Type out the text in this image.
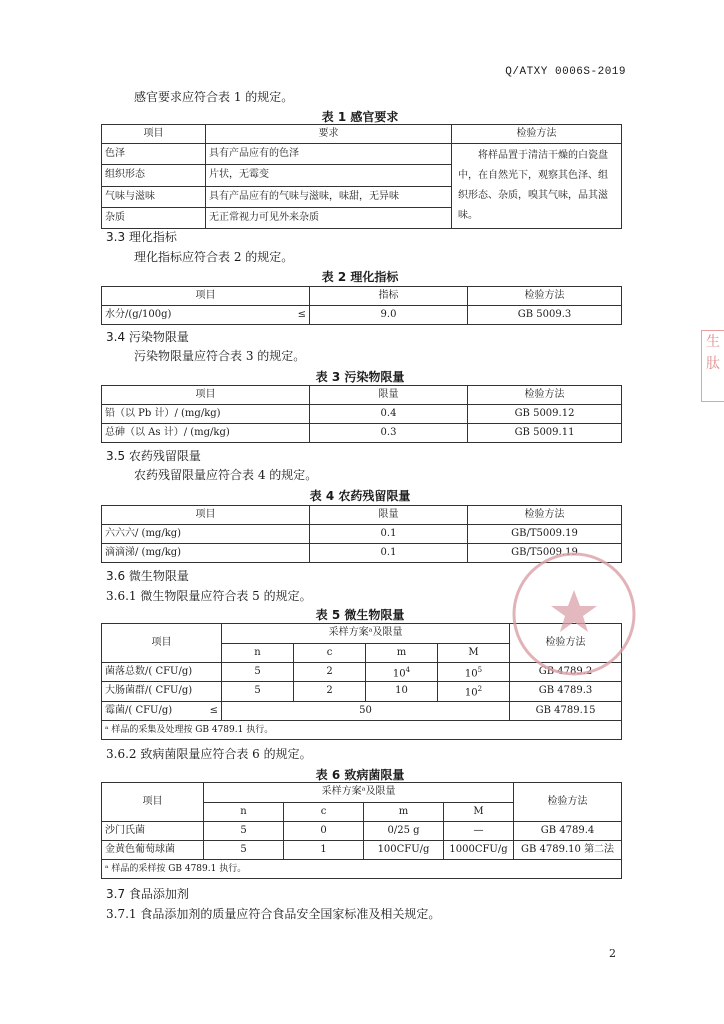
Q/ATXY 0006S-2019
感官要求应符合表 1 的规定。
表 1 感官要求
项目	要求	检验方法
色泽	具有产品应有的色泽	将样品置于清洁干燥的白瓷盘中，在自然光下，观察其色泽、组织形态、杂质，嗅其气味，品其滋味。
组织形态	片状，无霉变	
气味与滋味	具有产品应有的气味与滋味，味甜，无异味	
杂质	无正常视力可见外来杂质	
3.3 理化指标
理化指标应符合表 2 的规定。
表 2 理化指标
项目	指标	检验方法
水分/(g/100g) ≤	9.0	GB 5009.3
3.4 污染物限量
污染物限量应符合表 3 的规定。
表 3 污染物限量
项目	限量	检验方法
铅（以 Pb 计）/ (mg/kg)	0.4	GB 5009.12
总砷（以 As 计）/ (mg/kg)	0.3	GB 5009.11
3.5 农药残留限量
农药残留限量应符合表 4 的规定。
表 4 农药残留限量
项目	限量	检验方法
六六六/ (mg/kg)	0.1	GB/T5009.19
滴滴涕/ (mg/kg)	0.1	GB/T5009.19
3.6 微生物限量
3.6.1 微生物限量应符合表 5 的规定。
表 5 微生物限量
项目	采样方案ᵃ及限量				检验方法
	n	c	m	M	
菌落总数/( CFU/g)	5	2	$10^4$	$10^5$	GB 4789.2
大肠菌群/( CFU/g)	5	2	10	$10^2$	GB 4789.3
霉菌/( CFU/g) ≤	50				GB 4789.15
ᵃ 样品的采集及处理按 GB 4789.1 执行。					
3.6.2 致病菌限量应符合表 6 的规定。
表 6 致病菌限量
项目	采样方案ᵃ及限量				检验方法
	n	c	m	M	
沙门氏菌	5	0	0/25 g	—	GB 4789.4
金黄色葡萄球菌	5	1	100CFU/g	1000CFU/g	GB 4789.10 第二法
ᵃ 样品的采样按 GB 4789.1 执行。					
3.7 食品添加剂
3.7.1 食品添加剂的质量应符合食品安全国家标准及相关规定。
2
生 肽
